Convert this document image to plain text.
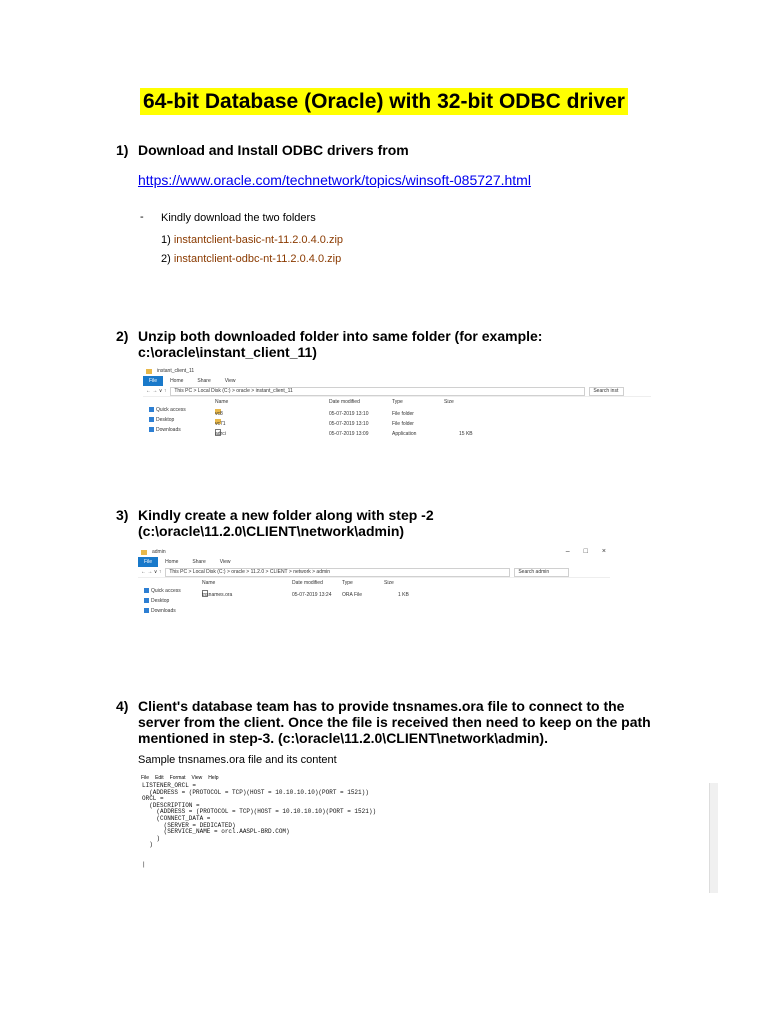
64-bit Database (Oracle) with 32-bit ODBC driver
1) Download and Install ODBC drivers from
https://www.oracle.com/technetwork/topics/winsoft-085727.html
- Kindly download the two folders
1) instantclient-basic-nt-11.2.0.4.0.zip
2) instantclient-odbc-nt-11.2.0.4.0.zip
2) Unzip both downloaded folder into same folder (for example:
c:\oracle\instant_client_11)
instant_client_11
File	Home	Share	View
← → ∨ ↑	This PC > Local Disk (C:) > oracle > instant_client_11	Search inst
Quick access
Desktop
Downloads
Name	Date modified	Type	Size
vc8	05-07-2019 13:10	File folder
vc71	05-07-2019 13:10	File folder
adrci	05-07-2019 13:09	Application	15 KB
3) Kindly create a new folder along with step -2
(c:\oracle\11.2.0\CLIENT\network\admin)
admin	– □ ×
File	Home	Share	View
← → ∨ ↑	This PC > Local Disk (C:) > oracle > 11.2.0 > CLIENT > network > admin	Search admin
Quick access
Desktop
Downloads
Name	Date modified	Type	Size
tnsnames.ora	05-07-2019 13:24 ORA File	1 KB
4) Client's database team has to provide tnsnames.ora file to connect to the
server from the client. Once the file is received then need to keep on the path
mentioned in step-3. (c:\oracle\11.2.0\CLIENT\network\admin).
Sample tnsnames.ora file and its content
File Edit Format View Help
LISTENER_ORCL =
(ADDRESS = (PROTOCOL = TCP)(HOST = 10.10.10.10)(PORT = 1521))
ORCL =
(DESCRIPTION =
(ADDRESS = (PROTOCOL = TCP)(HOST = 10.10.10.10)(PORT = 1521))
(CONNECT_DATA =
(SERVER = DEDICATED)
(SERVICE_NAME = orcl.AASPL-BRD.COM)
)
)

|
